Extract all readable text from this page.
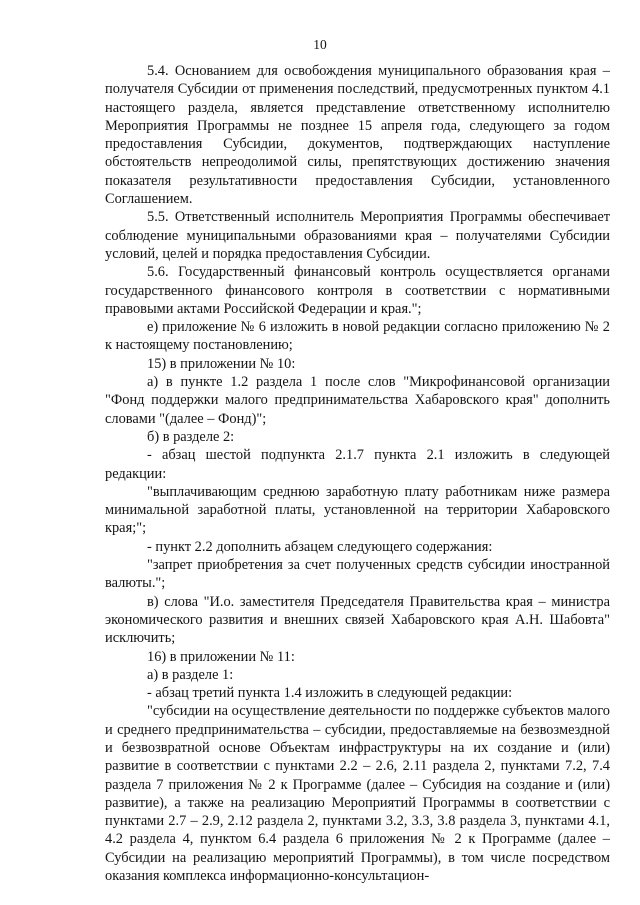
10

5.4. Основанием для освобождения муниципального образования края – получателя Субсидии от применения последствий, предусмотренных пунктом 4.1 настоящего раздела, является представление ответственному исполнителю Мероприятия Программы не позднее 15 апреля года, следующего за годом предоставления Субсидии, документов, подтверждающих наступление обстоятельств непреодолимой силы, препятствующих достижению значения показателя результативности предоставления Субсидии, установленного Соглашением.

5.5. Ответственный исполнитель Мероприятия Программы обеспечивает соблюдение муниципальными образованиями края – получателями Субсидии условий, целей и порядка предоставления Субсидии.

5.6. Государственный финансовый контроль осуществляется органами государственного финансового контроля в соответствии с нормативными правовыми актами Российской Федерации и края.";

е) приложение № 6 изложить в новой редакции согласно приложению № 2 к настоящему постановлению;

15) в приложении № 10:

а) в пункте 1.2 раздела 1 после слов "Микрофинансовой организации "Фонд поддержки малого предпринимательства Хабаровского края" дополнить словами "(далее – Фонд)";

б) в разделе 2:

- абзац шестой подпункта 2.1.7 пункта 2.1 изложить в следующей редакции:

"выплачивающим среднюю заработную плату работникам ниже размера минимальной заработной платы, установленной на территории Хабаровского края;";

- пункт 2.2 дополнить абзацем следующего содержания:

"запрет приобретения за счет полученных средств субсидии иностранной валюты.";

в) слова "И.о. заместителя Председателя Правительства края – министра экономического развития и внешних связей Хабаровского края А.Н. Шабовта" исключить;

16) в приложении № 11:

а) в разделе 1:

- абзац третий пункта 1.4 изложить в следующей редакции:

"субсидии на осуществление деятельности по поддержке субъектов малого и среднего предпринимательства – субсидии, предоставляемые на безвозмездной и безвозвратной основе Объектам инфраструктуры на их создание и (или) развитие в соответствии с пунктами 2.2 – 2.6, 2.11 раздела 2, пунктами 7.2, 7.4 раздела 7 приложения № 2 к Программе (далее – Субсидия на создание и (или) развитие), а также на реализацию Мероприятий Программы в соответствии с пунктами 2.7 – 2.9, 2.12 раздела 2, пунктами 3.2, 3.3, 3.8 раздела 3, пунктами 4.1, 4.2 раздела 4, пунктом 6.4 раздела 6 приложения № 2 к Программе (далее – Субсидии на реализацию мероприятий Программы), в том числе посредством оказания комплекса информационно-консультацион-
